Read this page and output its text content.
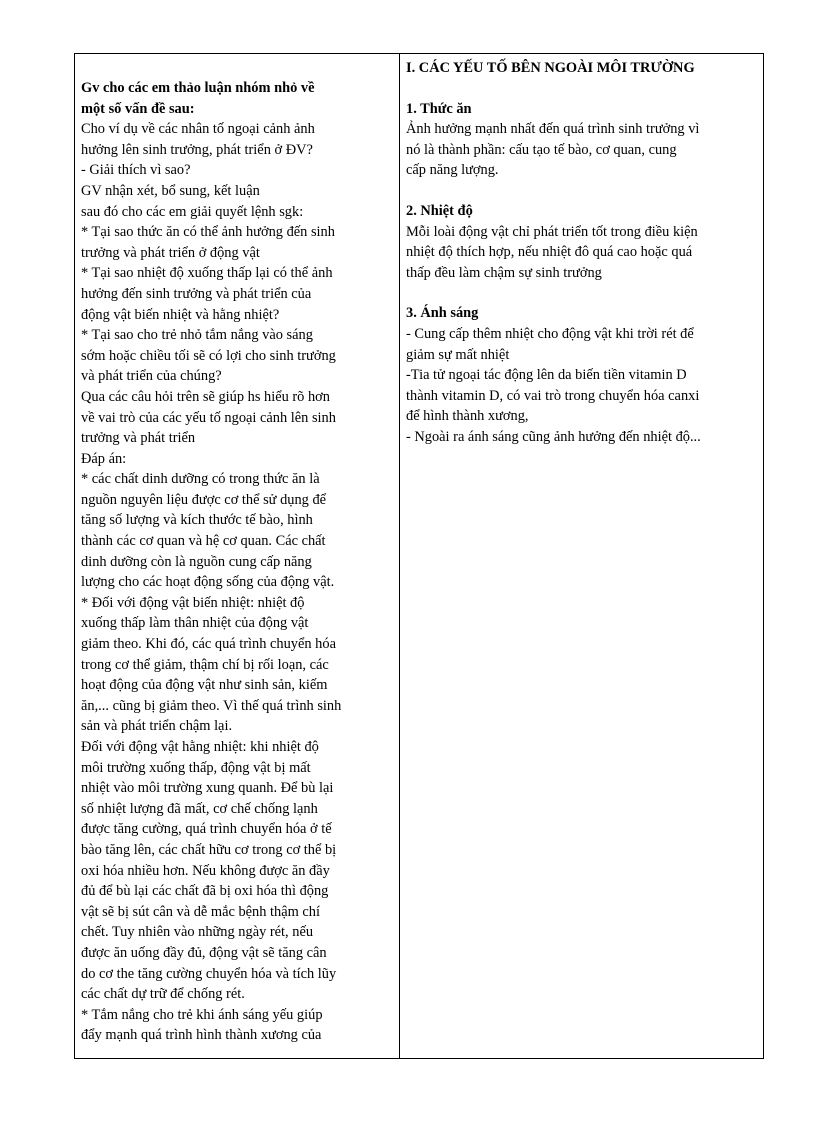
Gv cho các em thảo luận nhóm nhỏ về

một số vấn đề sau:

Cho ví dụ về các nhân tố ngoại cảnh ảnh

hưởng lên sinh trưởng, phát triển ở ĐV?

- Giải thích vì sao?

GV nhận xét, bổ sung, kết luận

sau đó cho các em giải quyết lệnh sgk:

* Tại sao thức ăn có thể ảnh hưởng đến sinh

trưởng và phát triển ở động vật

* Tại sao nhiệt độ xuống thấp lại có thể ảnh

hưởng đến sinh trưởng và phát triển của

động vật biến nhiệt và hằng nhiệt?

* Tại sao cho trẻ nhỏ tắm nắng vào sáng

sớm hoặc chiều tối sẽ có lợi cho sinh trưởng

và phát triển của chúng?

Qua các câu hỏi trên sẽ giúp hs hiểu rõ hơn

về vai trò của các yếu tố ngoại cảnh lên sinh

trưởng và phát triển

Đáp án:

* các chất dinh dưỡng có trong thức ăn là

nguồn nguyên liệu được cơ thể sử dụng để

tăng số lượng và kích thước tế bào, hình

thành các cơ quan và hệ cơ quan. Các chất

dinh dưỡng còn là nguồn cung cấp năng

lượng cho các hoạt động sống của động vật.

* Đối với động vật biến nhiệt: nhiệt độ

xuống thấp làm thân nhiệt của động vật

giảm theo. Khi đó, các quá trình chuyển hóa

trong cơ thể giảm, thậm chí bị rối loạn, các

hoạt động của động vật như sinh sản, kiếm

ăn,... cũng bị giảm theo. Vì thế quá trình sinh

sản và phát triển chậm lại.

Đối với động vật hằng nhiệt: khi nhiệt độ

môi trường xuống thấp, động vật bị mất

nhiệt vào môi trường xung quanh. Để bù lại

số nhiệt lượng đã mất, cơ chế chống lạnh

được tăng cường, quá trình chuyển hóa ở tế

bào tăng lên, các chất hữu cơ trong cơ thể bị

oxi hóa nhiều hơn. Nếu không được ăn đầy

đủ để bù lại các chất đã bị oxi hóa thì động

vật sẽ bị sút cân và dễ mắc bệnh thậm chí

chết. Tuy nhiên vào những ngày rét, nếu

được ăn uống đầy đủ, động vật sẽ tăng cân

do cơ the tăng cường chuyển hóa và tích lũy

các chất dự trữ để chống rét.

* Tắm nắng cho trẻ khi ánh sáng yếu giúp

đẩy mạnh quá trình hình thành xương của

I. CÁC YẾU TỐ BÊN NGOÀI MÔI TRƯỜNG

1. Thức ăn

Ảnh hưởng mạnh nhất đến quá trình sinh trưởng vì

nó là thành phần: cấu tạo tế bào, cơ quan, cung

cấp năng lượng.

2. Nhiệt độ

Mỗi loài động vật chỉ phát triển tốt trong điều kiện

nhiệt độ thích hợp, nếu nhiệt đô quá cao hoặc quá

thấp đều làm chậm sự sinh trưởng

3. Ánh sáng

- Cung cấp thêm nhiệt cho động vật khi trời rét để

giảm sự mất nhiệt

-Tia tử ngoại tác động lên da biến tiền vitamin D

thành vitamin D, có vai trò trong chuyển hóa canxi

để hình thành xương,

- Ngoài ra ánh sáng cũng ảnh hưởng đến nhiệt độ...
